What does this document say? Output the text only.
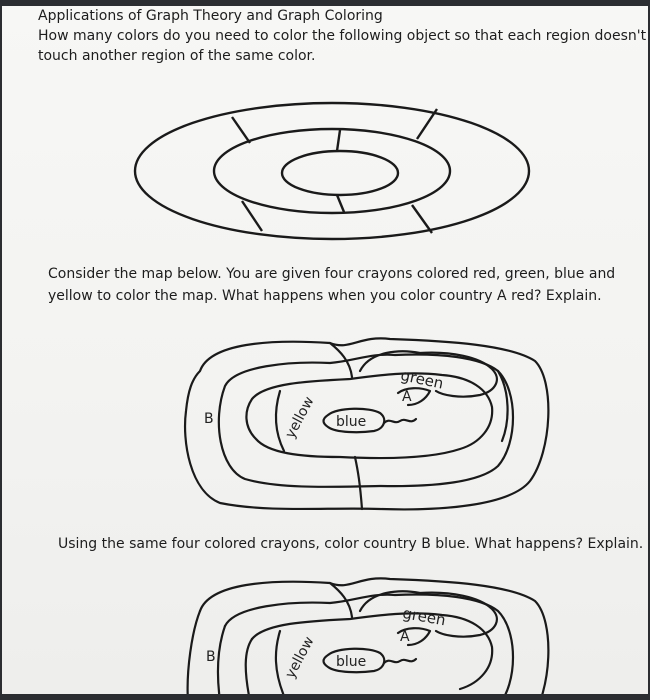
Applications of Graph Theory and Graph Coloring
How many colors do you need to color the following object so that each region doesn't
touch another region of the same color.
Consider the map below. You are given four crayons colored red, green, blue and
yellow to color the map. What happens when you color country A red? Explain.
green
A
B	yellow blue
Using the same four colored crayons, color country B blue. What happens? Explain.
green
A
B	yellow blue
